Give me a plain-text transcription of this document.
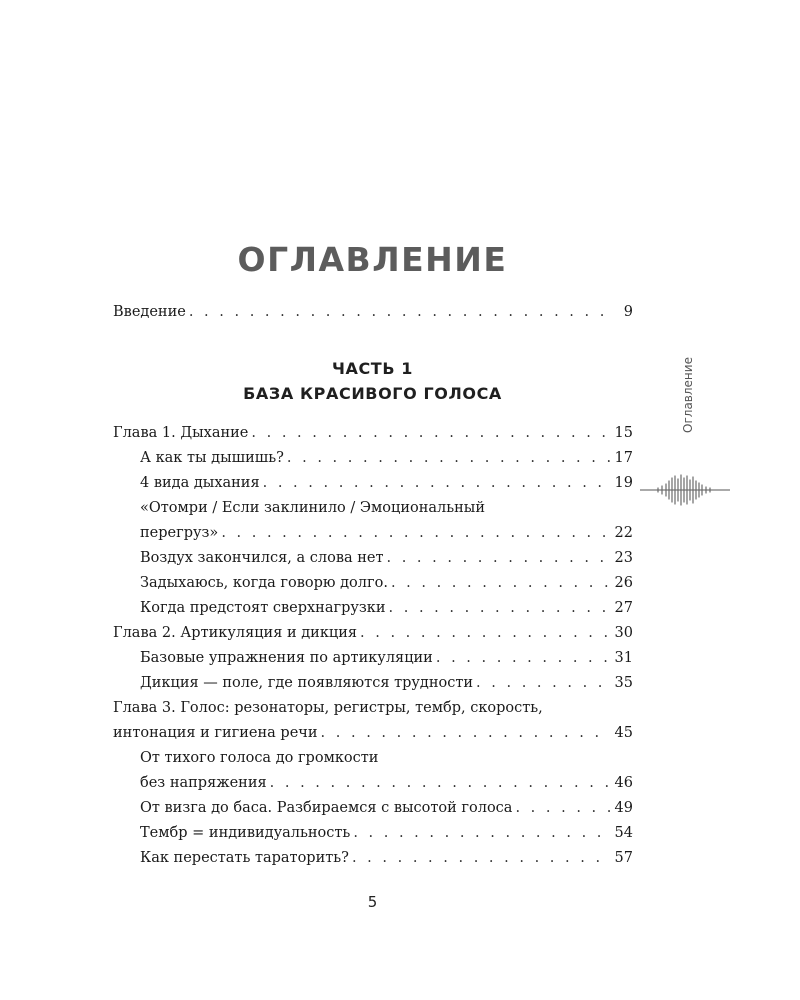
ОГЛАВЛЕНИЕ
Введение . . .	9
ЧАСТЬ 1
БАЗА КРАСИВОГО ГОЛОСА
Глава 1. Дыхание . . .	15
А как ты дышишь? . . .	17
4 вида дыхания . . .	19
«Отомри / Если заклинило / Эмоциональный
перегруз» . . .	22
Воздух закончился, а слова нет . . .	23
Задыхаюсь, когда говорю долго. . . .	26
Когда предстоят сверхнагрузки . . .	27
Глава 2. Артикуляция и дикция . . .	30
Базовые упражнения по артикуляции . . .	31
Дикция — поле, где появляются трудности . . .	35
Глава 3. Голос: резонаторы, регистры, тембр, скорость,
интонация и гигиена речи . . .	45
От тихого голоса до громкости
без напряжения . . .	46
От визга до баса. Разбираемся с высотой голоса . . .	49
Тембр = индивидуальность . . .	54
Как перестать тараторить? . . .	57
Оглавление
5
